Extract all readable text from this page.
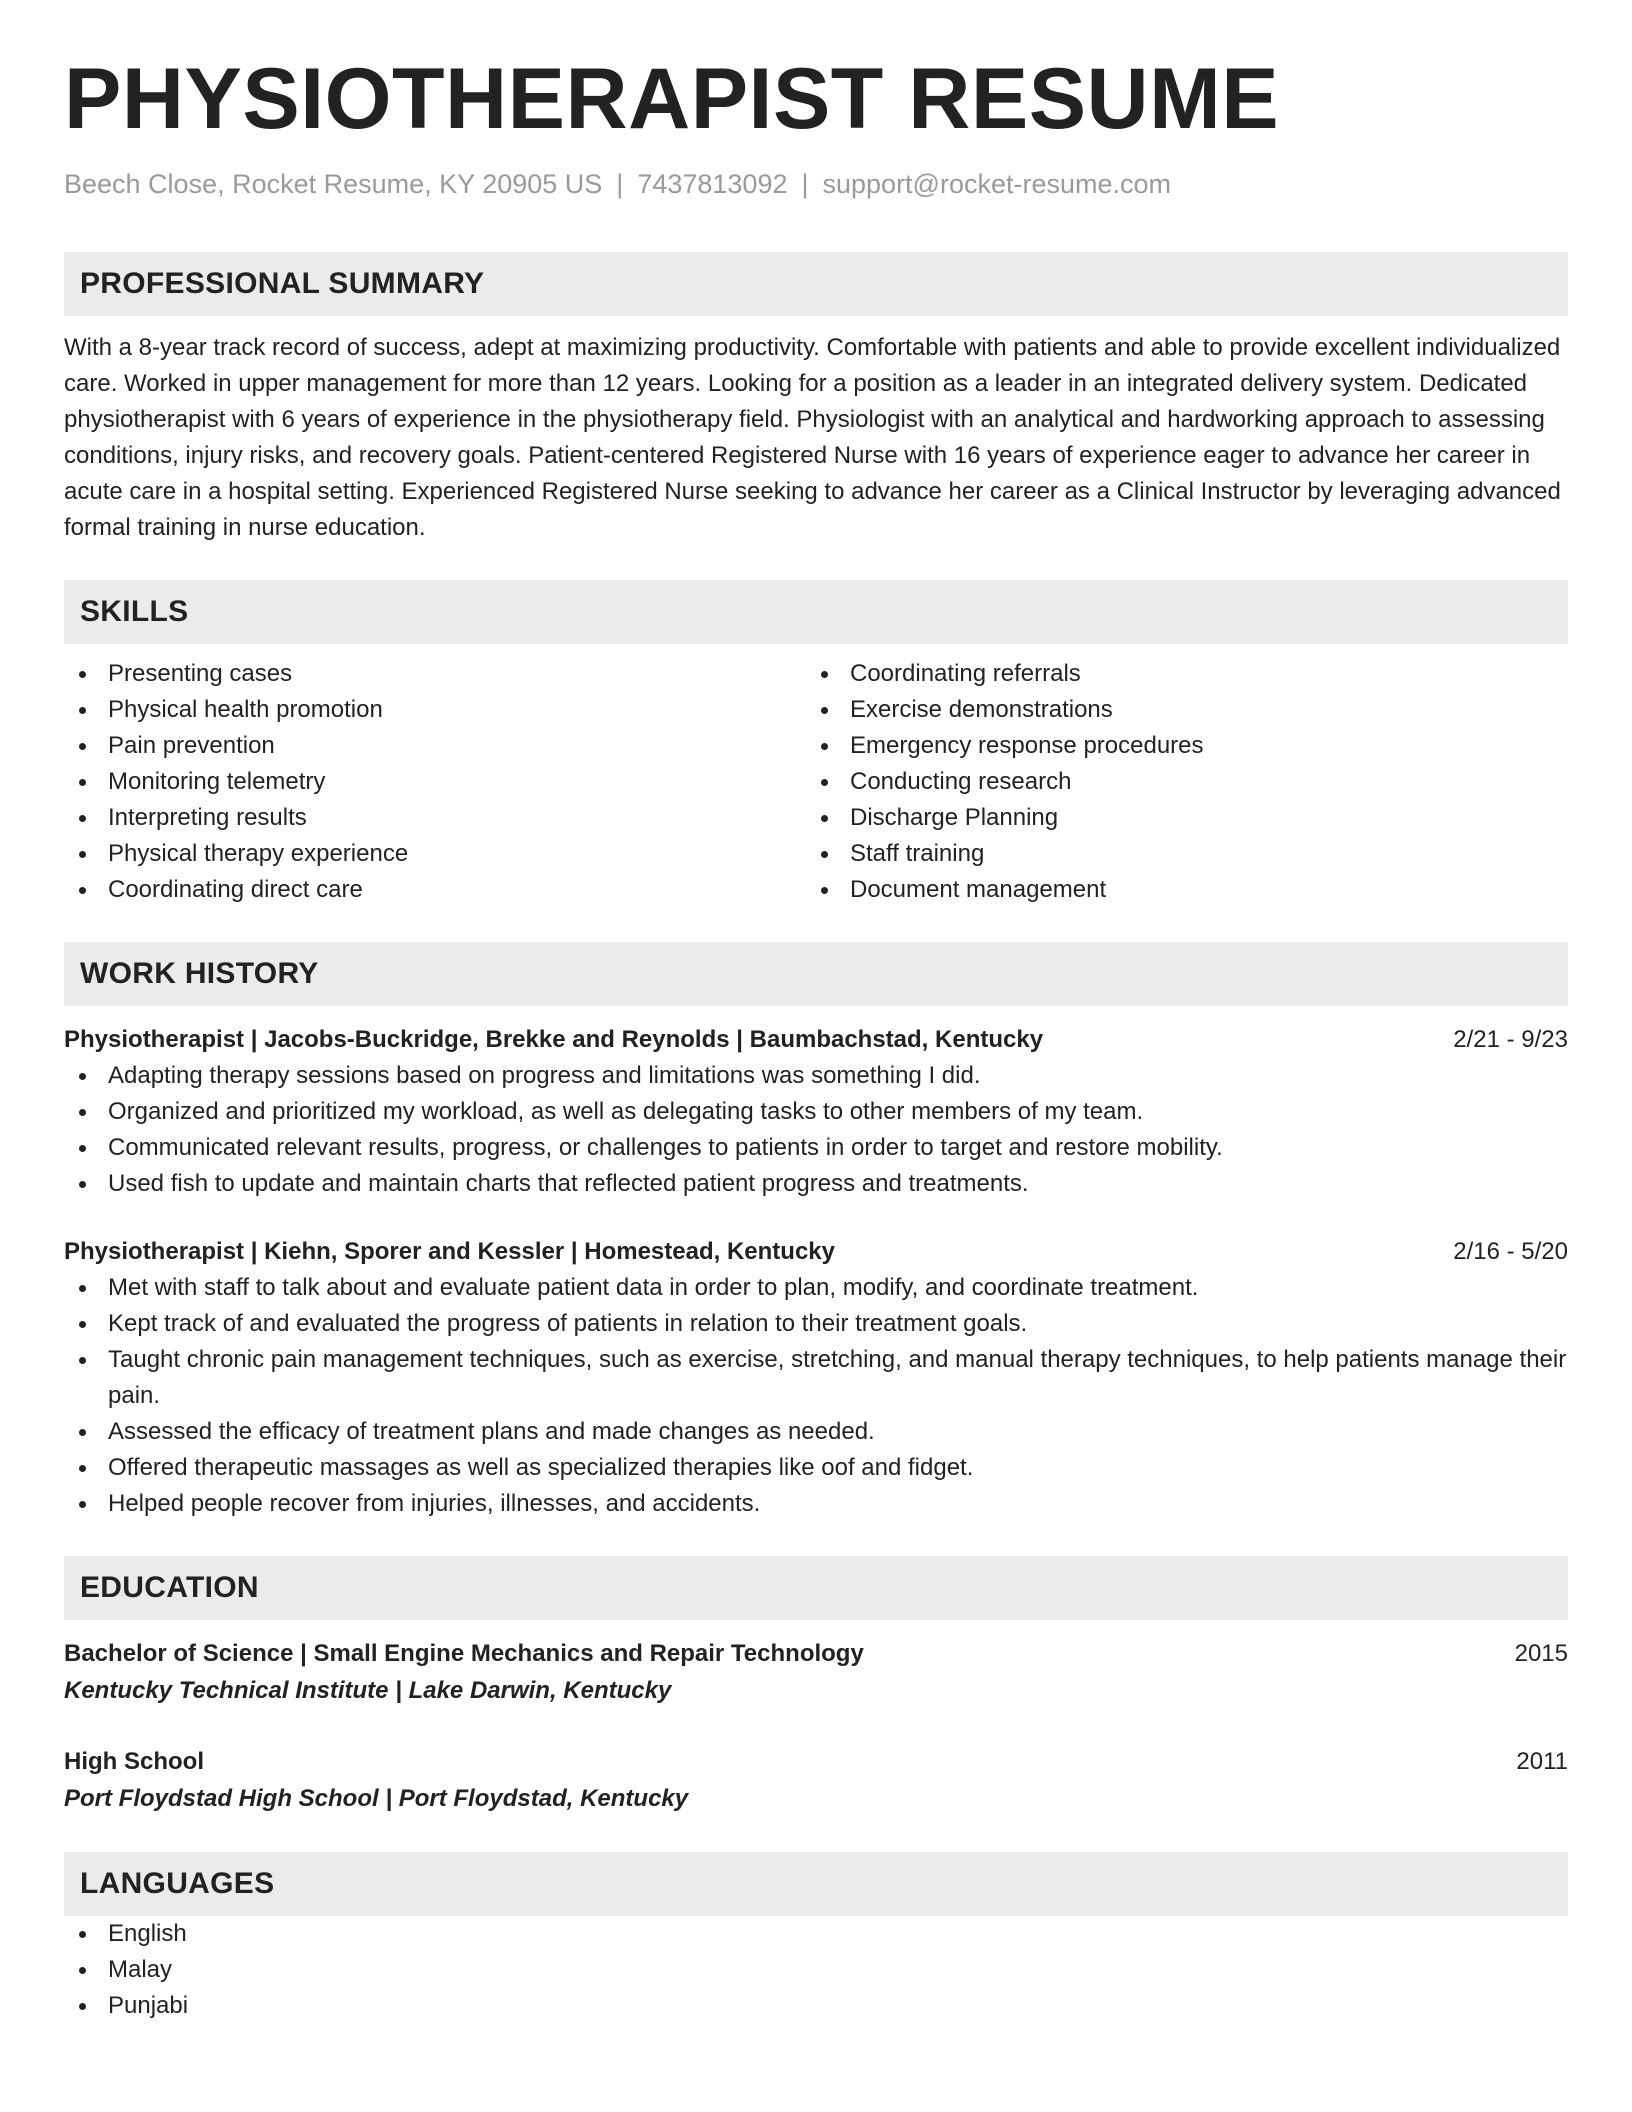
PHYSIOTHERAPIST RESUME
Beech Close, Rocket Resume, KY 20905 US | 7437813092 | support@rocket-resume.com
PROFESSIONAL SUMMARY
With a 8-year track record of success, adept at maximizing productivity. Comfortable with patients and able to provide excellent individualized care. Worked in upper management for more than 12 years. Looking for a position as a leader in an integrated delivery system. Dedicated physiotherapist with 6 years of experience in the physiotherapy field. Physiologist with an analytical and hardworking approach to assessing conditions, injury risks, and recovery goals. Patient-centered Registered Nurse with 16 years of experience eager to advance her career in acute care in a hospital setting. Experienced Registered Nurse seeking to advance her career as a Clinical Instructor by leveraging advanced formal training in nurse education.
SKILLS
Presenting cases
Physical health promotion
Pain prevention
Monitoring telemetry
Interpreting results
Physical therapy experience
Coordinating direct care
Coordinating referrals
Exercise demonstrations
Emergency response procedures
Conducting research
Discharge Planning
Staff training
Document management
WORK HISTORY
Physiotherapist | Jacobs-Buckridge, Brekke and Reynolds | Baumbachstad, Kentucky	2/21 - 9/23
Adapting therapy sessions based on progress and limitations was something I did.
Organized and prioritized my workload, as well as delegating tasks to other members of my team.
Communicated relevant results, progress, or challenges to patients in order to target and restore mobility.
Used fish to update and maintain charts that reflected patient progress and treatments.
Physiotherapist | Kiehn, Sporer and Kessler | Homestead, Kentucky	2/16 - 5/20
Met with staff to talk about and evaluate patient data in order to plan, modify, and coordinate treatment.
Kept track of and evaluated the progress of patients in relation to their treatment goals.
Taught chronic pain management techniques, such as exercise, stretching, and manual therapy techniques, to help patients manage their pain.
Assessed the efficacy of treatment plans and made changes as needed.
Offered therapeutic massages as well as specialized therapies like oof and fidget.
Helped people recover from injuries, illnesses, and accidents.
EDUCATION
Bachelor of Science | Small Engine Mechanics and Repair Technology	2015
Kentucky Technical Institute | Lake Darwin, Kentucky
High School	2011
Port Floydstad High School | Port Floydstad, Kentucky
LANGUAGES
English
Malay
Punjabi
